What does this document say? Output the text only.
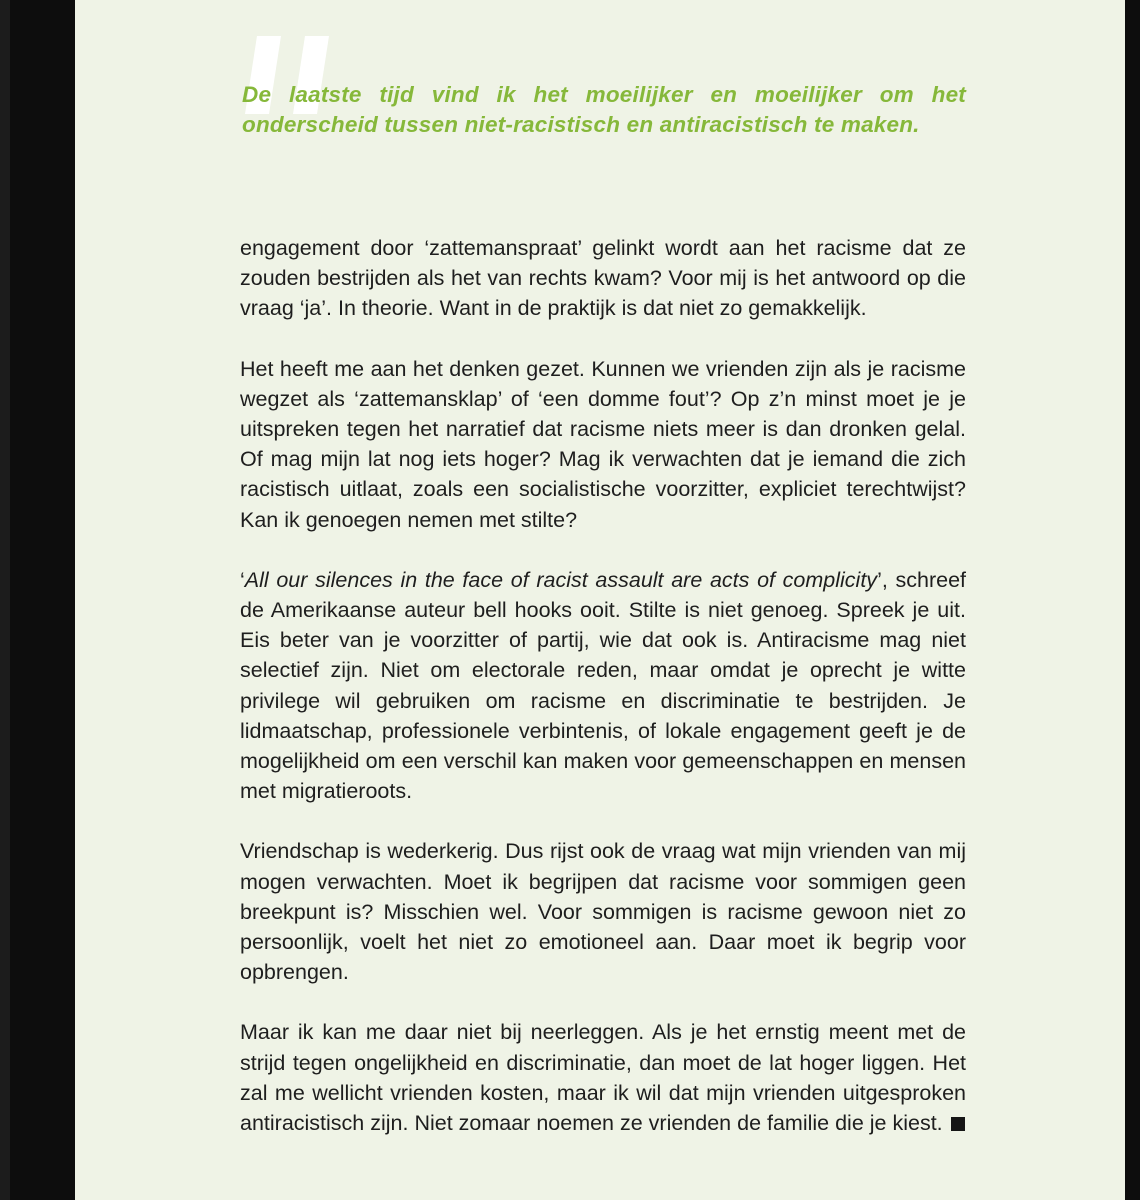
De laatste tijd vind ik het moeilijker en moeilijker om het onderscheid tussen niet-racistisch en antiracistisch te maken.

engagement door ‘zattemanspraat’ gelinkt wordt aan het racisme dat ze zouden bestrijden als het van rechts kwam? Voor mij is het antwoord op die vraag ‘ja’. In theorie. Want in de praktijk is dat niet zo gemakkelijk.

Het heeft me aan het denken gezet. Kunnen we vrienden zijn als je racisme wegzet als ‘zattemansklap’ of ‘een domme fout’? Op z’n minst moet je je uitspreken tegen het narratief dat racisme niets meer is dan dronken gelal. Of mag mijn lat nog iets hoger? Mag ik verwachten dat je iemand die zich racistisch uitlaat, zoals een socialistische voorzitter, expliciet terechtwijst? Kan ik genoegen nemen met stilte?

‘All our silences in the face of racist assault are acts of complicity’, schreef de Amerikaanse auteur bell hooks ooit. Stilte is niet genoeg. Spreek je uit. Eis beter van je voorzitter of partij, wie dat ook is. Antiracisme mag niet selectief zijn. Niet om electorale reden, maar omdat je oprecht je witte privilege wil gebruiken om racisme en discriminatie te bestrijden. Je lidmaatschap, professionele verbintenis, of lokale engagement geeft je de mogelijkheid om een verschil kan maken voor gemeenschappen en mensen met migratieroots.

Vriendschap is wederkerig. Dus rijst ook de vraag wat mijn vrienden van mij mogen verwachten. Moet ik begrijpen dat racisme voor sommigen geen breekpunt is? Misschien wel. Voor sommigen is racisme gewoon niet zo persoonlijk, voelt het niet zo emotioneel aan. Daar moet ik begrip voor opbrengen.

Maar ik kan me daar niet bij neerleggen. Als je het ernstig meent met de strijd tegen ongelijkheid en discriminatie, dan moet de lat hoger liggen. Het zal me wellicht vrienden kosten, maar ik wil dat mijn vrienden uitgesproken antiracistisch zijn. Niet zomaar noemen ze vrienden de familie die je kiest.
